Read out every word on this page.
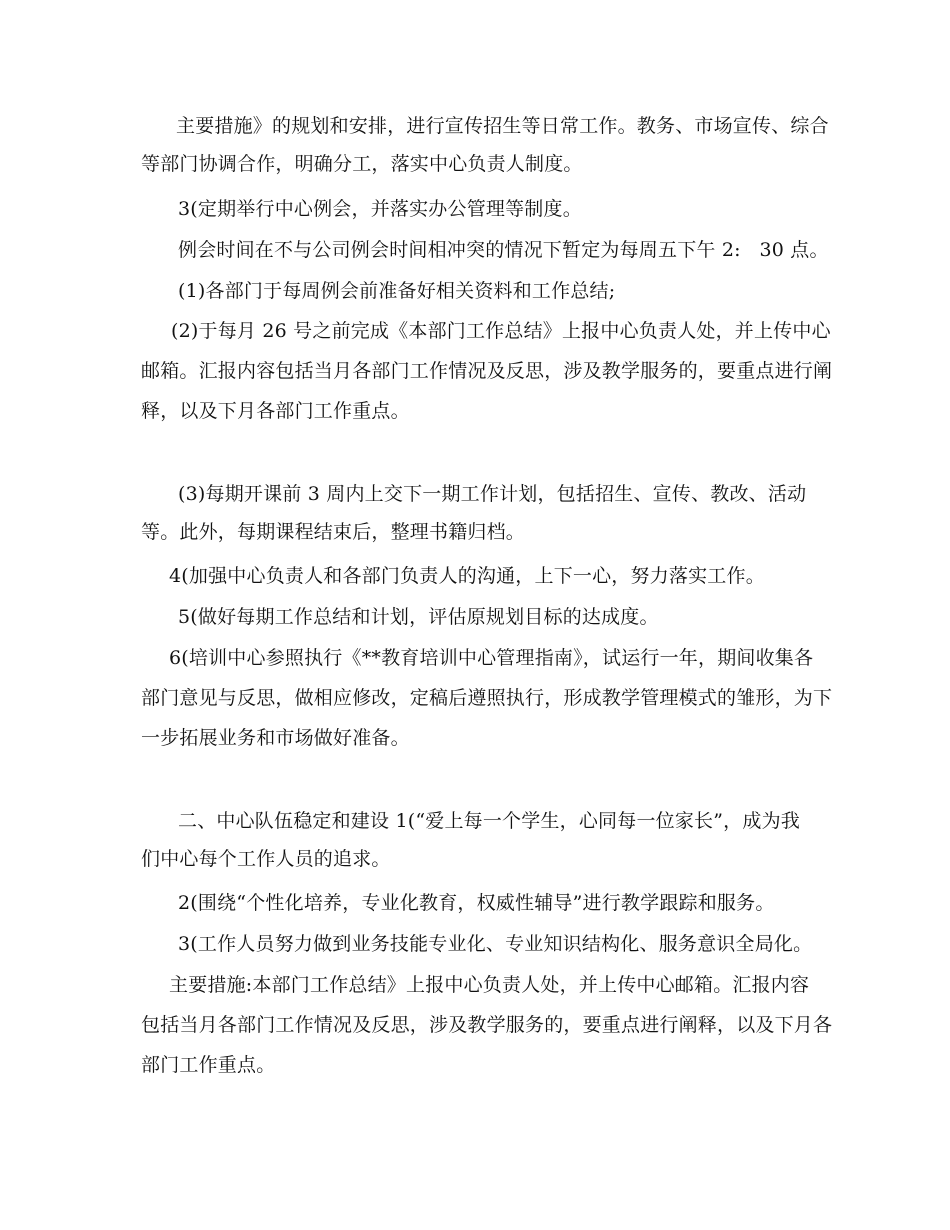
主要措施》的规划和安排，进行宣传招生等日常工作。教务、市场宣传、综合
等部门协调合作，明确分工，落实中心负责人制度。
3(定期举行中心例会，并落实办公管理等制度。
例会时间在不与公司例会时间相冲突的情况下暂定为每周五下午 2:   30 点。
(1)各部门于每周例会前准备好相关资料和工作总结;
(2)于每月 26 号之前完成《本部门工作总结》上报中心负责人处，并上传中心
邮箱。汇报内容包括当月各部门工作情况及反思，涉及教学服务的，要重点进行阐
释，以及下月各部门工作重点。
(3)每期开课前 3 周内上交下一期工作计划，包括招生、宣传、教改、活动
等。此外，每期课程结束后，整理书籍归档。
4(加强中心负责人和各部门负责人的沟通，上下一心，努力落实工作。
5(做好每期工作总结和计划，评估原规划目标的达成度。
6(培训中心参照执行《**教育培训中心管理指南》，试运行一年，期间收集各
部门意见与反思，做相应修改，定稿后遵照执行，形成教学管理模式的雏形，为下
一步拓展业务和市场做好准备。
二、中心队伍稳定和建设 1(“爱上每一个学生，心同每一位家长”，成为我
们中心每个工作人员的追求。
2(围绕“个性化培养，专业化教育，权威性辅导”进行教学跟踪和服务。
3(工作人员努力做到业务技能专业化、专业知识结构化、服务意识全局化。
主要措施:本部门工作总结》上报中心负责人处，并上传中心邮箱。汇报内容
包括当月各部门工作情况及反思，涉及教学服务的，要重点进行阐释，以及下月各
部门工作重点。
